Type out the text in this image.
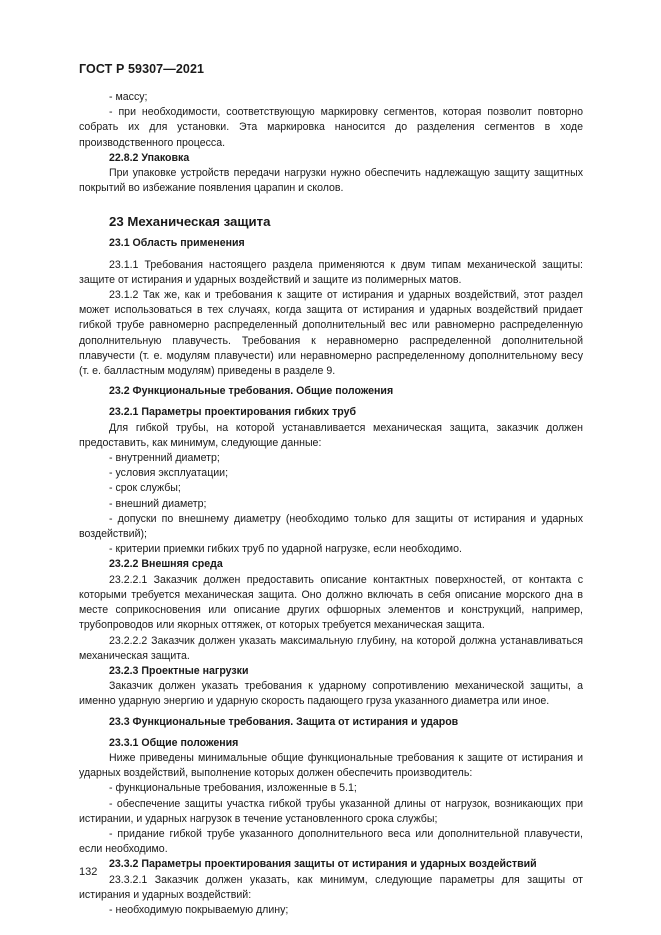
ГОСТ Р 59307—2021

- массу;

- при необходимости, соответствующую маркировку сегментов, которая позволит повторно собрать их для установки. Эта маркировка наносится до разделения сегментов в ходе производственного процесса.

22.8.2 Упаковка

При упаковке устройств передачи нагрузки нужно обеспечить надлежащую защиту защитных покрытий во избежание появления царапин и сколов.

23 Механическая защита

23.1 Область применения

23.1.1 Требования настоящего раздела применяются к двум типам механической защиты: защите от истирания и ударных воздействий и защите из полимерных матов.

23.1.2 Так же, как и требования к защите от истирания и ударных воздействий, этот раздел может использоваться в тех случаях, когда защита от истирания и ударных воздействий придает гибкой трубе равномерно распределенный дополнительный вес или равномерно распределенную дополнительную плавучесть. Требования к неравномерно распределенной дополнительной плавучести (т. е. модулям плавучести) или неравномерно распределенному дополнительному весу (т. е. балластным модулям) приведены в разделе 9.

23.2 Функциональные требования. Общие положения

23.2.1 Параметры проектирования гибких труб

Для гибкой трубы, на которой устанавливается механическая защита, заказчик должен предоставить, как минимум, следующие данные:

- внутренний диаметр;

- условия эксплуатации;

- срок службы;

- внешний диаметр;

- допуски по внешнему диаметру (необходимо только для защиты от истирания и ударных воздействий);

- критерии приемки гибких труб по ударной нагрузке, если необходимо.

23.2.2 Внешняя среда

23.2.2.1 Заказчик должен предоставить описание контактных поверхностей, от контакта с которыми требуется механическая защита. Оно должно включать в себя описание морского дна в месте соприкосновения или описание других офшорных элементов и конструкций, например, трубопроводов или якорных оттяжек, от которых требуется механическая защита.

23.2.2.2 Заказчик должен указать максимальную глубину, на которой должна устанавливаться механическая защита.

23.2.3 Проектные нагрузки

Заказчик должен указать требования к ударному сопротивлению механической защиты, а именно ударную энергию и ударную скорость падающего груза указанного диаметра или иное.

23.3 Функциональные требования. Защита от истирания и ударов

23.3.1 Общие положения

Ниже приведены минимальные общие функциональные требования к защите от истирания и ударных воздействий, выполнение которых должен обеспечить производитель:

- функциональные требования, изложенные в 5.1;

- обеспечение защиты участка гибкой трубы указанной длины от нагрузок, возникающих при истирании, и ударных нагрузок в течение установленного срока службы;

- придание гибкой трубе указанного дополнительного веса или дополнительной плавучести, если необходимо.

23.3.2 Параметры проектирования защиты от истирания и ударных воздействий

23.3.2.1 Заказчик должен указать, как минимум, следующие параметры для защиты от истирания и ударных воздействий:

- необходимую покрываемую длину;

132
